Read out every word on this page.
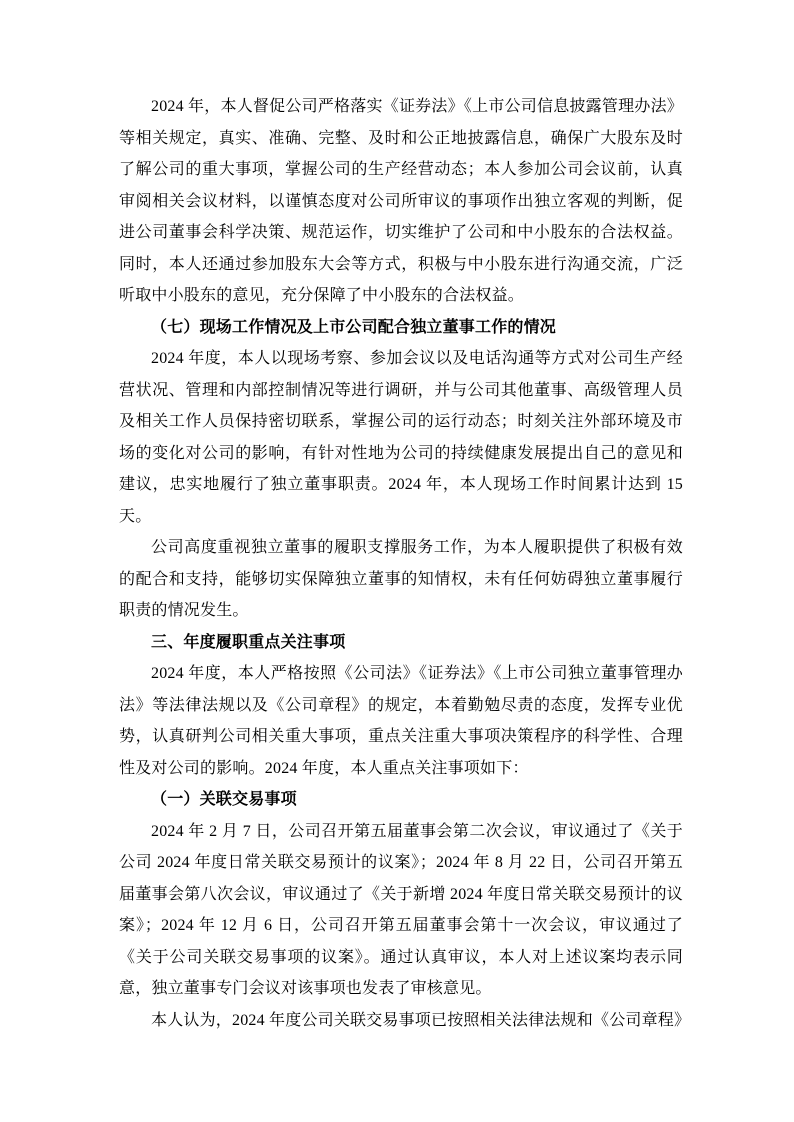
2024 年，本人督促公司严格落实《证券法》《上市公司信息披露管理办法》等相关规定，真实、准确、完整、及时和公正地披露信息，确保广大股东及时了解公司的重大事项，掌握公司的生产经营动态；本人参加公司会议前，认真审阅相关会议材料，以谨慎态度对公司所审议的事项作出独立客观的判断，促进公司董事会科学决策、规范运作，切实维护了公司和中小股东的合法权益。同时，本人还通过参加股东大会等方式，积极与中小股东进行沟通交流，广泛听取中小股东的意见，充分保障了中小股东的合法权益。

（七）现场工作情况及上市公司配合独立董事工作的情况

2024 年度，本人以现场考察、参加会议以及电话沟通等方式对公司生产经营状况、管理和内部控制情况等进行调研，并与公司其他董事、高级管理人员及相关工作人员保持密切联系，掌握公司的运行动态；时刻关注外部环境及市场的变化对公司的影响，有针对性地为公司的持续健康发展提出自己的意见和建议，忠实地履行了独立董事职责。2024 年，本人现场工作时间累计达到 15 天。

公司高度重视独立董事的履职支撑服务工作，为本人履职提供了积极有效的配合和支持，能够切实保障独立董事的知情权，未有任何妨碍独立董事履行职责的情况发生。

三、年度履职重点关注事项

2024 年度，本人严格按照《公司法》《证券法》《上市公司独立董事管理办法》等法律法规以及《公司章程》的规定，本着勤勉尽责的态度，发挥专业优势，认真研判公司相关重大事项，重点关注重大事项决策程序的科学性、合理性及对公司的影响。2024 年度，本人重点关注事项如下：

（一）关联交易事项

2024 年 2 月 7 日，公司召开第五届董事会第二次会议，审议通过了《关于公司 2024 年度日常关联交易预计的议案》；2024 年 8 月 22 日，公司召开第五届董事会第八次会议，审议通过了《关于新增 2024 年度日常关联交易预计的议案》；2024 年 12 月 6 日，公司召开第五届董事会第十一次会议，审议通过了《关于公司关联交易事项的议案》。通过认真审议，本人对上述议案均表示同意，独立董事专门会议对该事项也发表了审核意见。

本人认为，2024 年度公司关联交易事项已按照相关法律法规和《公司章程》
